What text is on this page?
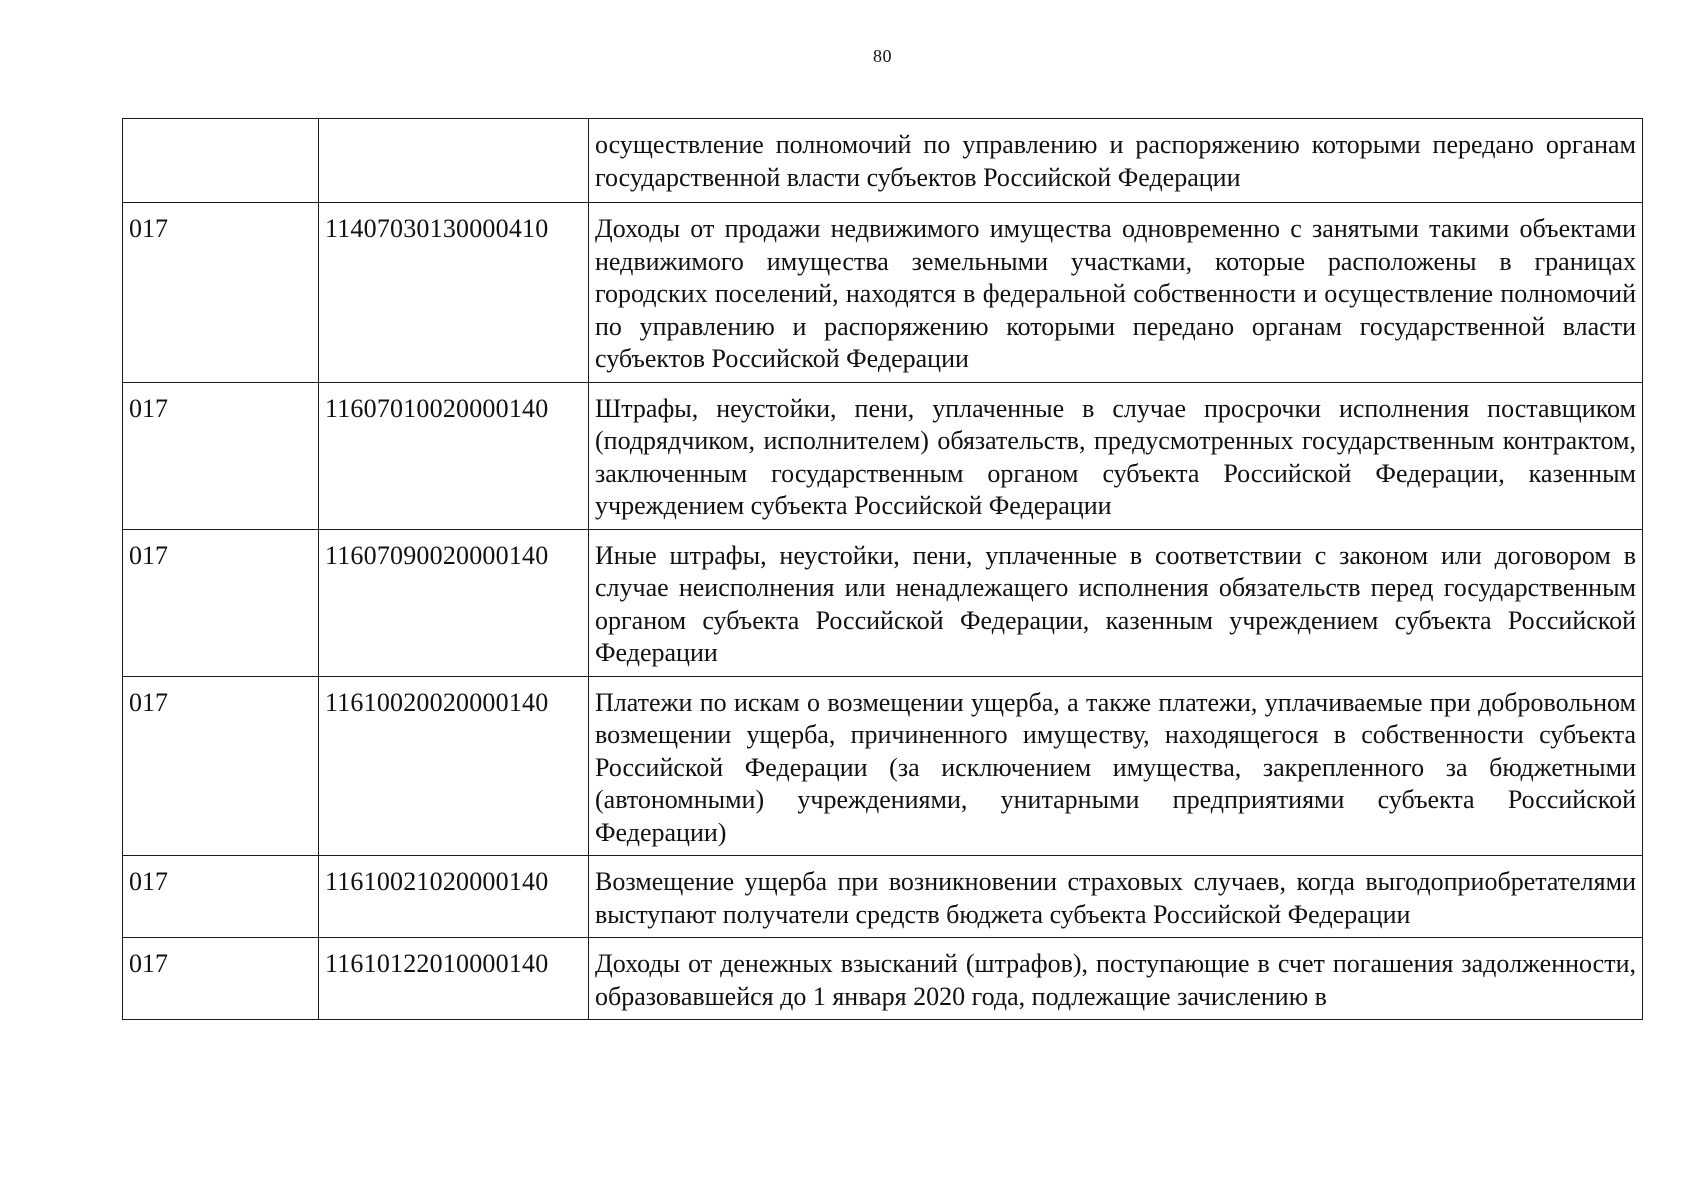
80
		осуществление полномочий по управлению и распоряжению которыми передано органам государственной власти субъектов Российской Федерации
017	11407030130000410	Доходы от продажи недвижимого имущества одновременно с занятыми такими объектами недвижимого имущества земельными участками, которые расположены в границах городских поселений, находятся в федеральной собственности и осуществление полномочий по управлению и распоряжению которыми передано органам государственной власти субъектов Российской Федерации
017	11607010020000140	Штрафы, неустойки, пени, уплаченные в случае просрочки исполнения поставщиком (подрядчиком, исполнителем) обязательств, предусмотренных государственным контрактом, заключенным государственным органом субъекта Российской Федерации, казенным учреждением субъекта Российской Федерации
017	11607090020000140	Иные штрафы, неустойки, пени, уплаченные в соответствии с законом или договором в случае неисполнения или ненадлежащего исполнения обязательств перед государственным органом субъекта Российской Федерации, казенным учреждением субъекта Российской Федерации
017	11610020020000140	Платежи по искам о возмещении ущерба, а также платежи, уплачиваемые при добровольном возмещении ущерба, причиненного имуществу, находящегося в собственности субъекта Российской Федерации (за исключением имущества, закрепленного за бюджетными (автономными) учреждениями, унитарными предприятиями субъекта Российской Федерации)
017	11610021020000140	Возмещение ущерба при возникновении страховых случаев, когда выгодоприобретателями выступают получатели средств бюджета субъекта Российской Федерации
017	11610122010000140	Доходы от денежных взысканий (штрафов), поступающие в счет погашения задолженности, образовавшейся до 1 января 2020 года, подлежащие зачислению в
